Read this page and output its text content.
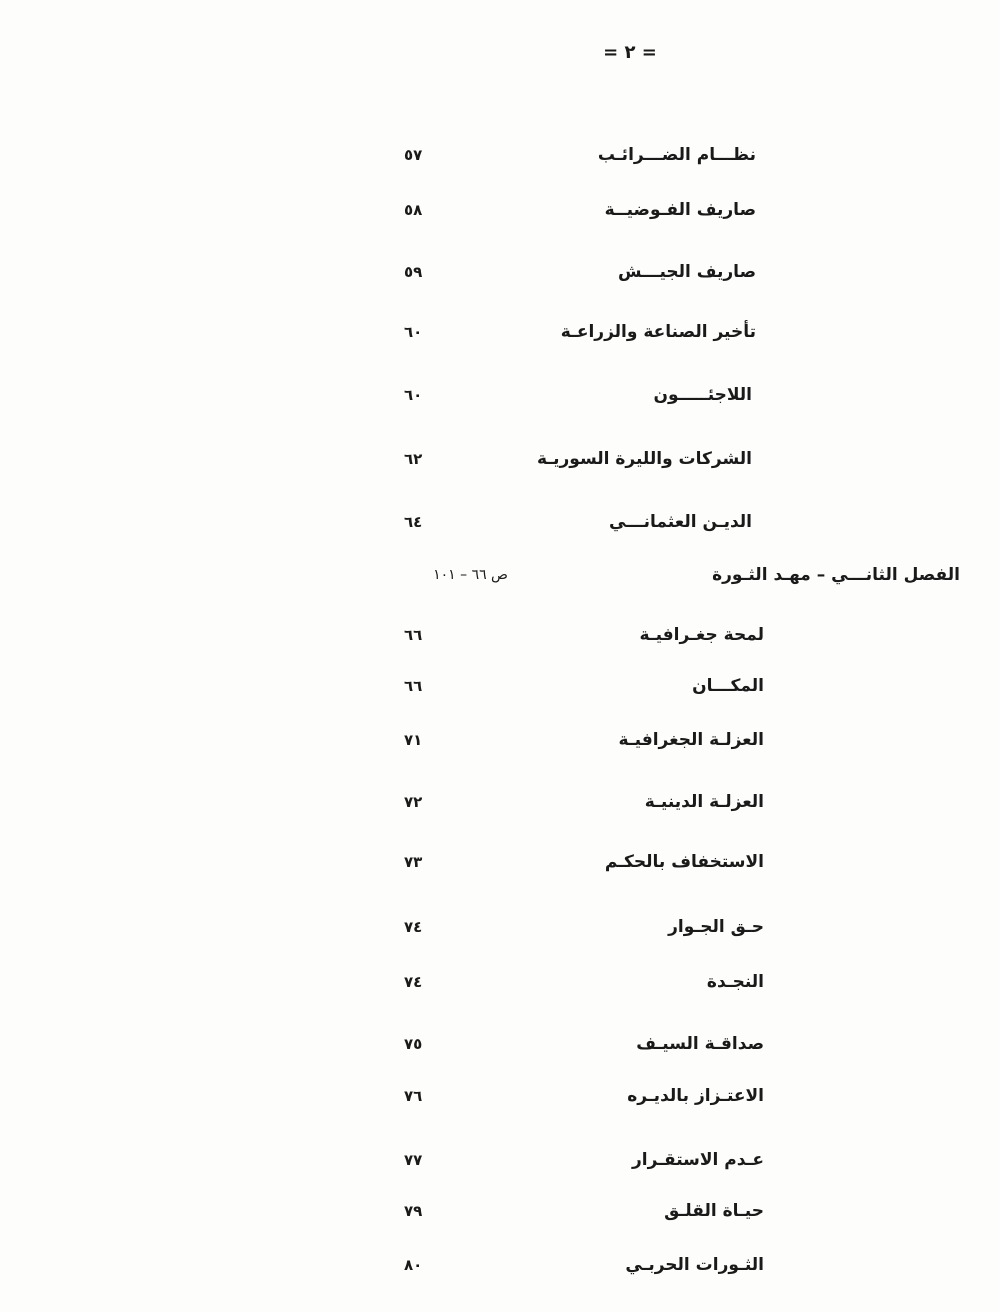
= ٢ =
نظـــام الضـــرائـب
٥٧
صاريف الفـوضيــة
٥٨
صاريف الجيـــش
٥٩
تأخير الصناعة والزراعـة
٦٠
اللاجئـــــون
٦٠
الشركات والليرة السوريـة
٦٢
الديـن العثمانـــي
٦٤
الفصل الثانـــي – مهـد الثـورة
ص ٦٦ – ١٠١
لمحة جغـرافيـة
٦٦
المكـــان
٦٦
العزلـة الجغرافيـة
٧١
العزلـة الدينيـة
٧٢
الاستخفاف بالحكـم
٧٣
حـق الجـوار
٧٤
النجـدة
٧٤
صداقـة السيـف
٧٥
الاعتـزاز بالديـره
٧٦
عـدم الاستقـرار
٧٧
حيـاة القلـق
٧٩
الثـورات الحربـي
٨٠
